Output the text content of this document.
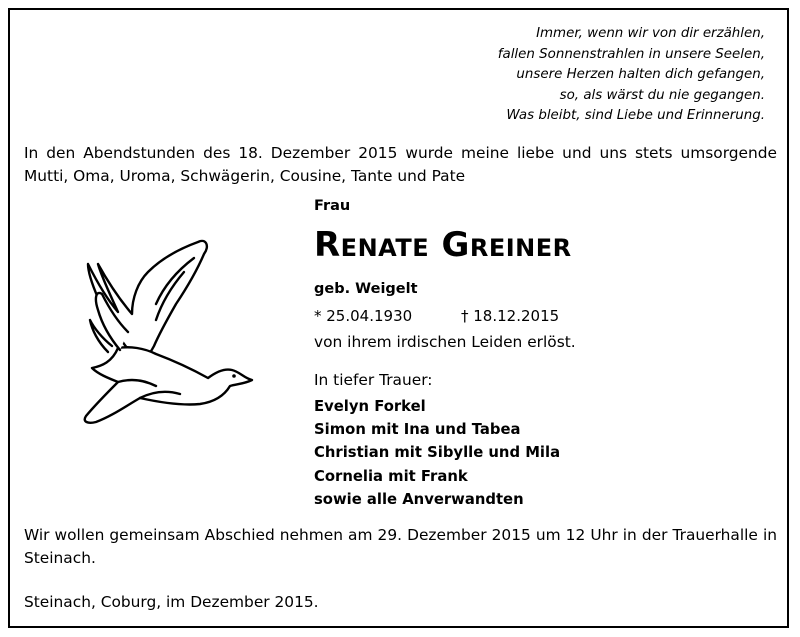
Immer, wenn wir von dir erzählen,
fallen Sonnenstrahlen in unsere Seelen,
unsere Herzen halten dich gefangen,
so, als wärst du nie gegangen.
Was bleibt, sind Liebe und Erinnerung.
In den Abendstunden des 18. Dezember 2015 wurde meine liebe und uns stets umsorgende Mutti, Oma, Uroma, Schwägerin, Cousine, Tante und Pate
Frau
Renate Greiner
geb. Weigelt
* 25.04.1930	† 18.12.2015
von ihrem irdischen Leiden erlöst.
In tiefer Trauer:
Evelyn Forkel
Simon mit Ina und Tabea
Christian mit Sibylle und Mila
Cornelia mit Frank
sowie alle Anverwandten
Wir wollen gemeinsam Abschied nehmen am 29. Dezember 2015 um 12 Uhr in der Trauerhalle in Steinach.
Steinach, Coburg, im Dezember 2015.
